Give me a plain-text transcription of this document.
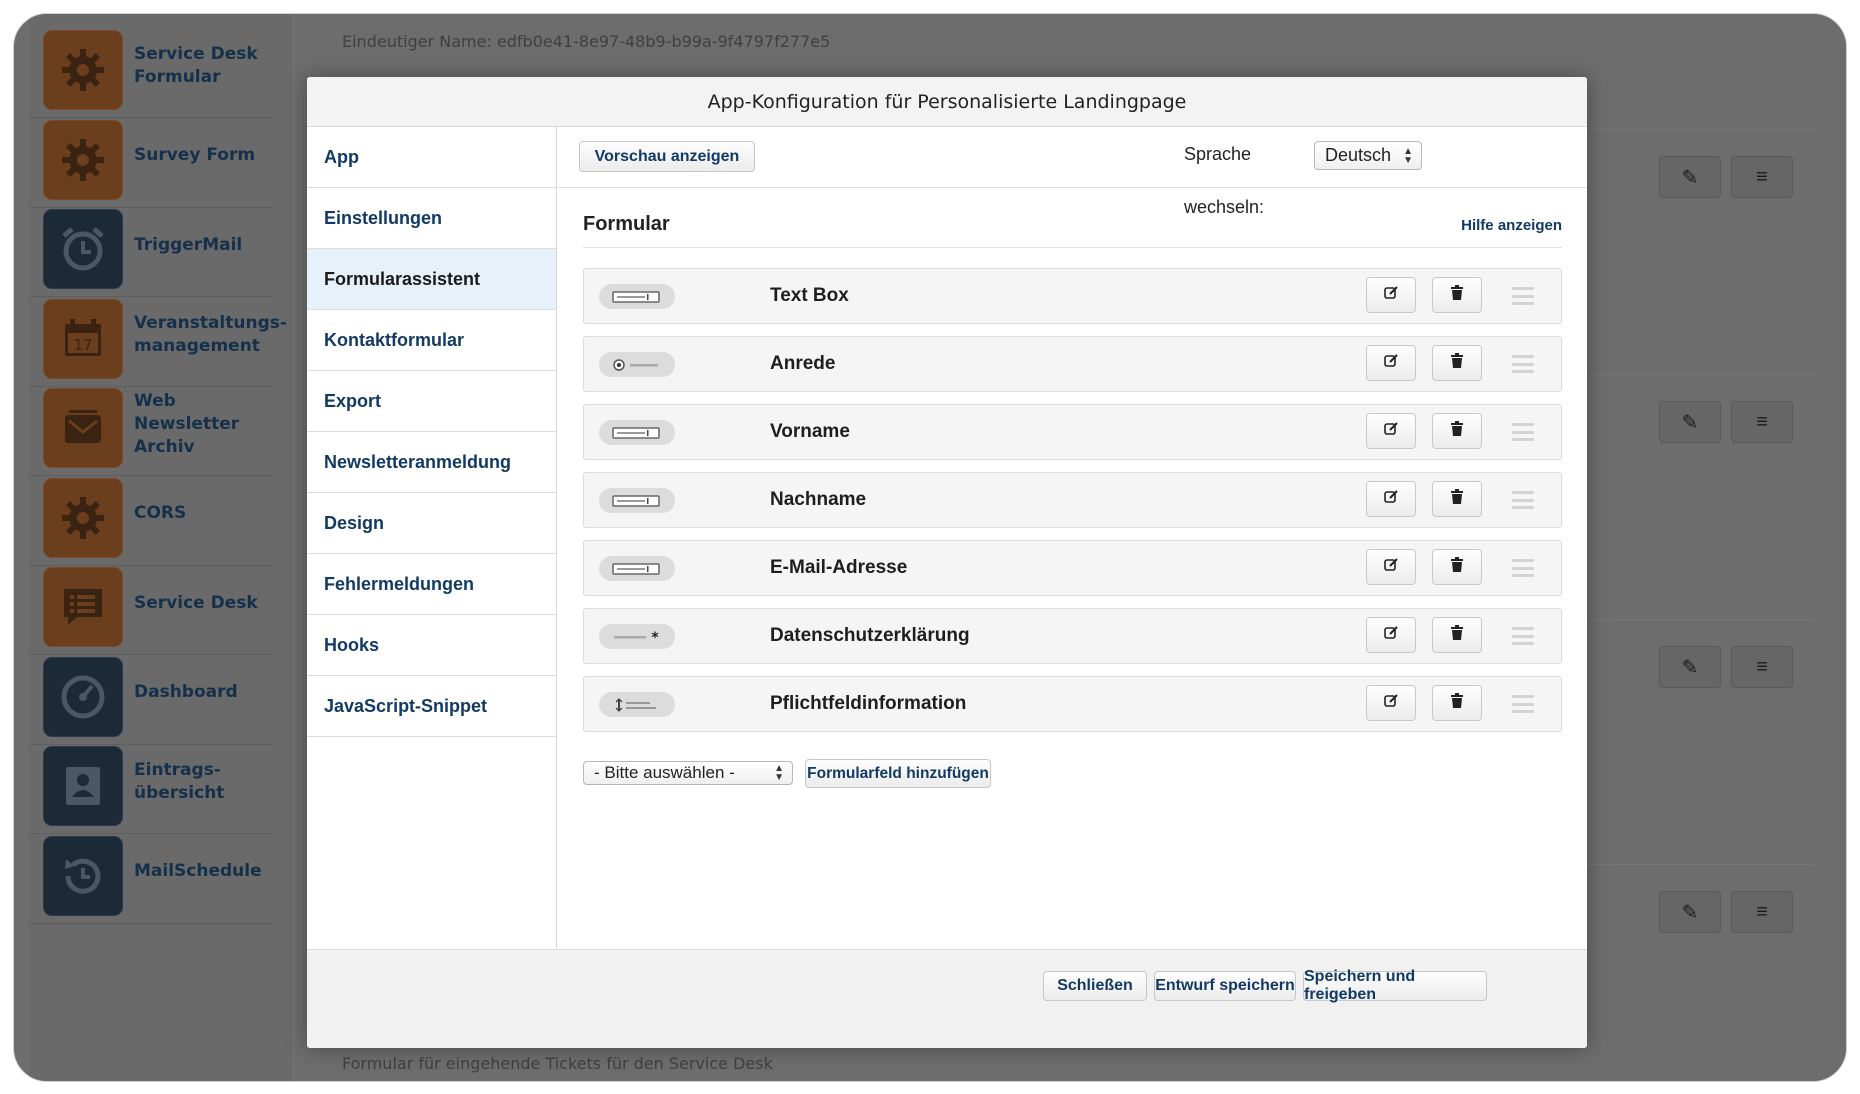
Service Desk Formular
Survey Form
TriggerMail
17
Veranstaltungs-management
Web Newsletter Archiv
CORS
Service Desk
Dashboard
Eintrags-übersicht
MailSchedule
Eindeutiger Name: edfb0e41-8e97-48b9-b99a-9f4797f277e5
✎	≡
✎	≡
✎	≡
✎	≡
Formular für eingehende Tickets für den Service Desk
App-Konfiguration für Personalisierte Landingpage
App
Einstellungen
Formularassistent
Kontaktformular
Export
Newsletteranmeldung
Design
Fehlermeldungen
Hooks
JavaScript-Snippet
Vorschau anzeigen	Sprache	Deutsch ▲
▼
wechseln:
Formular	Hilfe anzeigen
Text Box
Anrede
Vorname
Nachname
E-Mail-Adresse
*	Datenschutzerklärung
Pflichtfeldinformation
- Bitte auswählen -	▲
▼ Formularfeld hinzufügen
Schließen	Entwurf speichern
Speichern und freigeben
